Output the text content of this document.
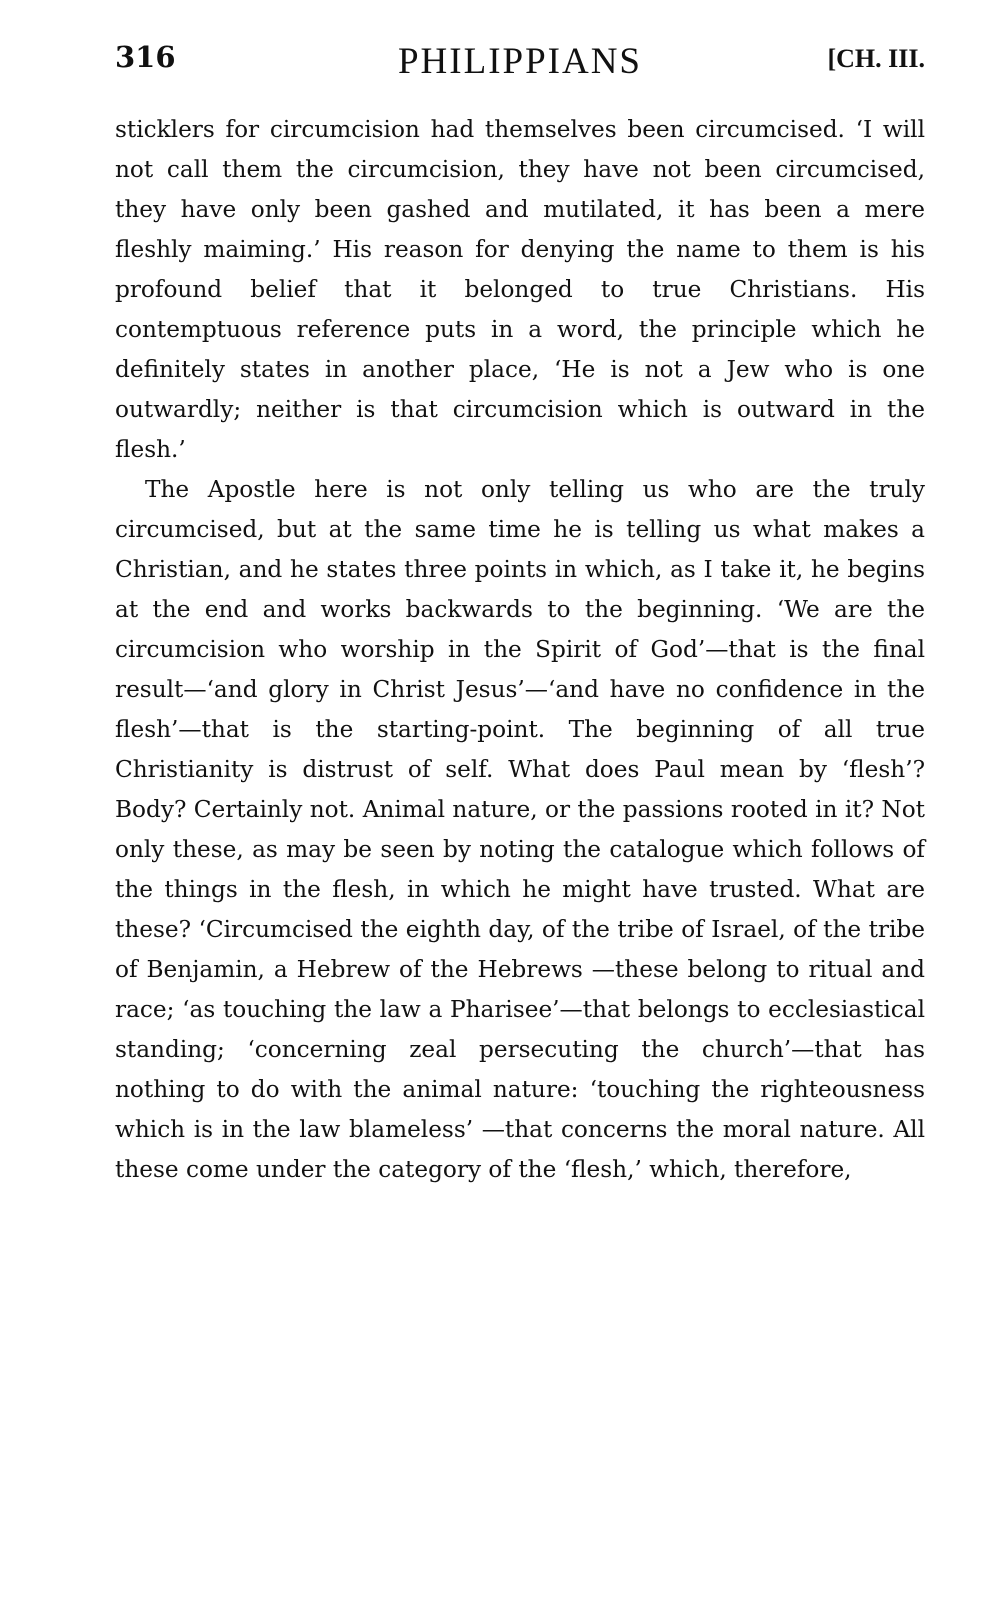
316	PHILIPPIANS	[CH. III.

sticklers for circumcision had themselves been circumcised. ‘I will not call them the circumcision, they have not been circumcised, they have only been gashed and mutilated, it has been a mere fleshly maiming.’ His reason for denying the name to them is his profound belief that it belonged to true Christians. His contemptuous reference puts in a word, the principle which he definitely states in another place, ‘He is not a Jew who is one outwardly; neither is that circumcision which is outward in the flesh.’

The Apostle here is not only telling us who are the truly circumcised, but at the same time he is telling us what makes a Christian, and he states three points in which, as I take it, he begins at the end and works backwards to the beginning. ‘We are the circumcision who worship in the Spirit of God’—that is the final result—‘and glory in Christ Jesus’—‘and have no confidence in the flesh’—that is the starting-point. The beginning of all true Christianity is distrust of self. What does Paul mean by ‘flesh’? Body? Certainly not. Animal nature, or the passions rooted in it? Not only these, as may be seen by noting the catalogue which follows of the things in the flesh, in which he might have trusted. What are these? ‘Circumcised the eighth day, of the tribe of Israel, of the tribe of Benjamin, a Hebrew of the Hebrews —these belong to ritual and race; ‘as touching the law a Pharisee’—that belongs to ecclesiastical standing; ‘concerning zeal persecuting the church’—that has nothing to do with the animal nature: ‘touching the righteousness which is in the law blameless’ —that concerns the moral nature. All these come under the category of the ‘flesh,’ which, therefore,
